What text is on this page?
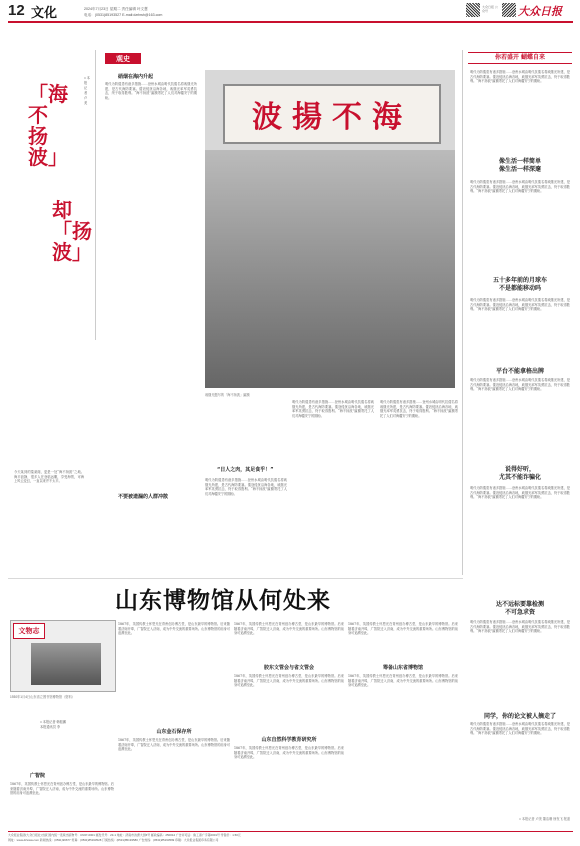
12 文化	2024年7月23日 星期二 责任编辑 叶文慧
电话：(0531)85193527 E-mail:dzrbwh@163.com
大众日报 公众号	大众日报
观史
「海不扬波」
却「扬波」
□ 本报记者 卢美
今天某到的蓬莱阁，更是一处“海不扬波”之地。海平浪静，很多人在登临远眺，享受海景，可海上风云变幻，一直以来并不太平。
硝烟在海内升起
明代为防倭患有诸多措施……登州水城由明代抗倭名将戚继光所建，是古代海防要塞。倭寇侵扰沿海各地，戚继光率军英勇抗击，终于取得胜利。“海不扬波”匾额寄托了人们对海疆安宁的期盼。
波揚不海
戚继光题写的「海不扬波」匾额
不要被遗漏的人群冲散
“日人之肉，其足食乎！”
明代为防倭患有诸多措施……登州水城由明代抗倭名将戚继光所建，是古代海防要塞。倭寇侵扰沿海各地，戚继光率军英勇抗击，终于取得胜利。“海不扬波”匾额寄托了人们对海疆安宁的期盼。
明代为防倭患有诸多措施……登州水城由明代抗倭名将戚继光所建，是古代海防要塞。倭寇侵扰沿海各地，戚继光率军英勇抗击，终于取得胜利。“海不扬波”匾额寄托了人们对海疆安宁的期盼。
明代为防倭患有诸多措施……登州水城由明代抗倭名将戚继光所建，是古代海防要塞。倭寇侵扰沿海各地，戚继光率军英勇抗击，终于取得胜利。“海不扬波”匾额寄托了人们对海疆安宁的期盼。
你若盛开 蝴蝶自来
像生活一样简单
像生活一样深邃
五十多年前的月球车
不是都能移动吗
平台不能拿格出牌
说得好听，
尤其不能诈骗化
达不远标要靠检测
不可急求资
同学，你的论文被人摘走了
明代为防倭患有诸多措施……登州水城由明代抗倭名将戚继光所建，是古代海防要塞。倭寇侵扰沿海各地，戚继光率军英勇抗击，终于取得胜利。“海不扬波”匾额寄托了人们对海疆安宁的期盼。
明代为防倭患有诸多措施……登州水城由明代抗倭名将戚继光所建，是古代海防要塞。倭寇侵扰沿海各地，戚继光率军英勇抗击，终于取得胜利。“海不扬波”匾额寄托了人们对海疆安宁的期盼。
明代为防倭患有诸多措施……登州水城由明代抗倭名将戚继光所建，是古代海防要塞。倭寇侵扰沿海各地，戚继光率军英勇抗击，终于取得胜利。“海不扬波”匾额寄托了人们对海疆安宁的期盼。
明代为防倭患有诸多措施……登州水城由明代抗倭名将戚继光所建，是古代海防要塞。倭寇侵扰沿海各地，戚继光率军英勇抗击，终于取得胜利。“海不扬波”匾额寄托了人们对海疆安宁的期盼。
明代为防倭患有诸多措施……登州水城由明代抗倭名将戚继光所建，是古代海防要塞。倭寇侵扰沿海各地，戚继光率军英勇抗击，终于取得胜利。“海不扬波”匾额寄托了人们对海疆安宁的期盼。
明代为防倭患有诸多措施……登州水城由明代抗倭名将戚继光所建，是古代海防要塞。倭寇侵扰沿海各地，戚继光率军英勇抗击，终于取得胜利。“海不扬波”匾额寄托了人们对海疆安宁的期盼。
明代为防倭患有诸多措施……登州水城由明代抗倭名将戚继光所建，是古代海防要塞。倭寇侵扰沿海各地，戚继光率军英勇抗击，终于取得胜利。“海不扬波”匾额寄托了人们对海疆安宁的期盼。
□ 本报记者 卢美 董洁珊 徐发飞 报道
山东博物馆从何处来
文物志
1930年1月4日山东省立图书馆博物馆（资料）
□ 本报记者 韩振鹏
本报通讯员 李
1867年，英国传教士怀恩光在青州创办博古堂，是山东最早的博物馆。后来随着济南开埠，广智院迁入济南，成为中外交流的重要场所。山东博物馆的前身可追溯至此。
山东金石保存所
1867年，英国传教士怀恩光在青州创办博古堂，是山东最早的博物馆。后来随着济南开埠，广智院迁入济南，成为中外交流的重要场所。山东博物馆的前身可追溯至此。
1867年，英国传教士怀恩光在青州创办博古堂，是山东最早的博物馆。后来随着济南开埠，广智院迁入济南，成为中外交流的重要场所。山东博物馆的前身可追溯至此。
胶东文管会与省文管会
1867年，英国传教士怀恩光在青州创办博古堂，是山东最早的博物馆。后来随着济南开埠，广智院迁入济南，成为中外交流的重要场所。山东博物馆的前身可追溯至此。
山东自然科学教育研究所
1867年，英国传教士怀恩光在青州创办博古堂，是山东最早的博物馆。后来随着济南开埠，广智院迁入济南，成为中外交流的重要场所。山东博物馆的前身可追溯至此。
1867年，英国传教士怀恩光在青州创办博古堂，是山东最早的博物馆。后来随着济南开埠，广智院迁入济南，成为中外交流的重要场所。山东博物馆的前身可追溯至此。
筹备山东省博物馆
1867年，英国传教士怀恩光在青州创办博古堂，是山东最早的博物馆。后来随着济南开埠，广智院迁入济南，成为中外交流的重要场所。山东博物馆的前身可追溯至此。
广智院
1867年，英国传教士怀恩光在青州创办博古堂，是山东最早的博物馆。后来随着济南开埠，广智院迁入济南，成为中外交流的重要场所。山东博物馆的前身可追溯至此。
大众报业集团(大众日报社)出版 国内统一连续出版物号：CN37-0001 邮发代号：23-1 地址：济南市泺源大街6号 邮政编码：250014 广告许可证：鲁工商广字第0001号 零售价：1.50元
网址：www.dzwww.com 新闻热线：(0531)96677 传真：(0531)85193528 订阅热线：(0531)85193580 广告热线：(0531)85193599 印刷：大众报业集团印务有限公司
